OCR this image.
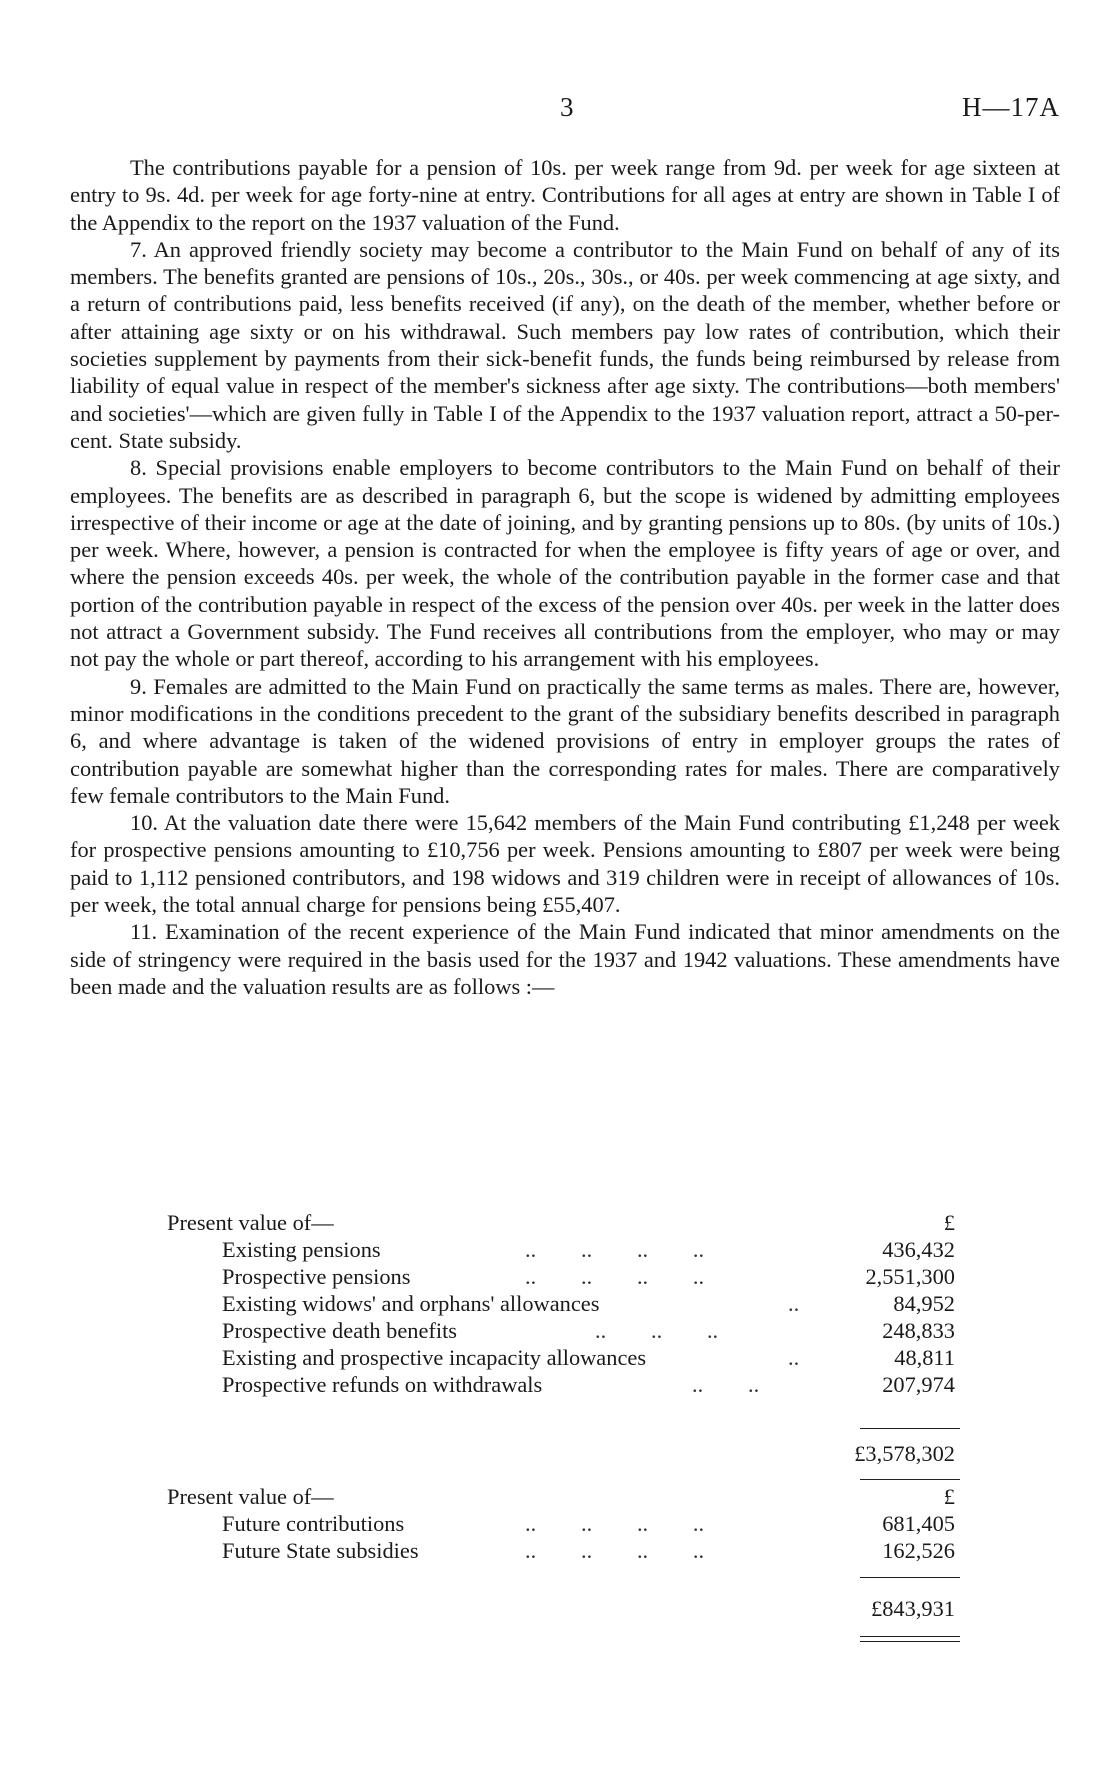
3	H—17A

The contributions payable for a pension of 10s. per week range from 9d. per week for age sixteen at entry to 9s. 4d. per week for age forty-nine at entry. Contributions for all ages at entry are shown in Table I of the Appendix to the report on the 1937 valuation of the Fund.

7. An approved friendly society may become a contributor to the Main Fund on behalf of any of its members. The benefits granted are pensions of 10s., 20s., 30s., or 40s. per week commencing at age sixty, and a return of contributions paid, less benefits received (if any), on the death of the member, whether before or after attaining age sixty or on his withdrawal. Such members pay low rates of contribution, which their societies supplement by payments from their sick-benefit funds, the funds being reimbursed by release from liability of equal value in respect of the member's sickness after age sixty. The contributions—both members' and societies'—which are given fully in Table I of the Appendix to the 1937 valuation report, attract a 50-per-cent. State subsidy.

8. Special provisions enable employers to become contributors to the Main Fund on behalf of their employees. The benefits are as described in paragraph 6, but the scope is widened by admitting employees irrespective of their income or age at the date of joining, and by granting pensions up to 80s. (by units of 10s.) per week. Where, however, a pension is contracted for when the employee is fifty years of age or over, and where the pension exceeds 40s. per week, the whole of the contribution payable in the former case and that portion of the contribution payable in respect of the excess of the pension over 40s. per week in the latter does not attract a Government subsidy. The Fund receives all contributions from the employer, who may or may not pay the whole or part thereof, according to his arrangement with his employees.

9. Females are admitted to the Main Fund on practically the same terms as males. There are, however, minor modifications in the conditions precedent to the grant of the subsidiary benefits described in paragraph 6, and where advantage is taken of the widened provisions of entry in employer groups the rates of contribution payable are somewhat higher than the corresponding rates for males. There are comparatively few female contributors to the Main Fund.

10. At the valuation date there were 15,642 members of the Main Fund contributing £1,248 per week for prospective pensions amounting to £10,756 per week. Pensions amounting to £807 per week were being paid to 1,112 pensioned contributors, and 198 widows and 319 children were in receipt of allowances of 10s. per week, the total annual charge for pensions being £55,407.

11. Examination of the recent experience of the Main Fund indicated that minor amendments on the side of stringency were required in the basis used for the 1937 and 1942 valuations. These amendments have been made and the valuation results are as follows :—

Present value of—	£
Existing pensions	..        ..        ..        ..	436,432
Prospective pensions	..        ..        ..        ..	2,551,300
Existing widows' and orphans' allowances	..	84,952
Prospective death benefits	..        ..        ..	248,833
Existing and prospective incapacity allowances	..	48,811
Prospective refunds on withdrawals	..        ..	207,974
£3,578,302
Present value of—	£
Future contributions	..        ..        ..        ..	681,405
Future State subsidies	..        ..        ..        ..	162,526
£843,931
